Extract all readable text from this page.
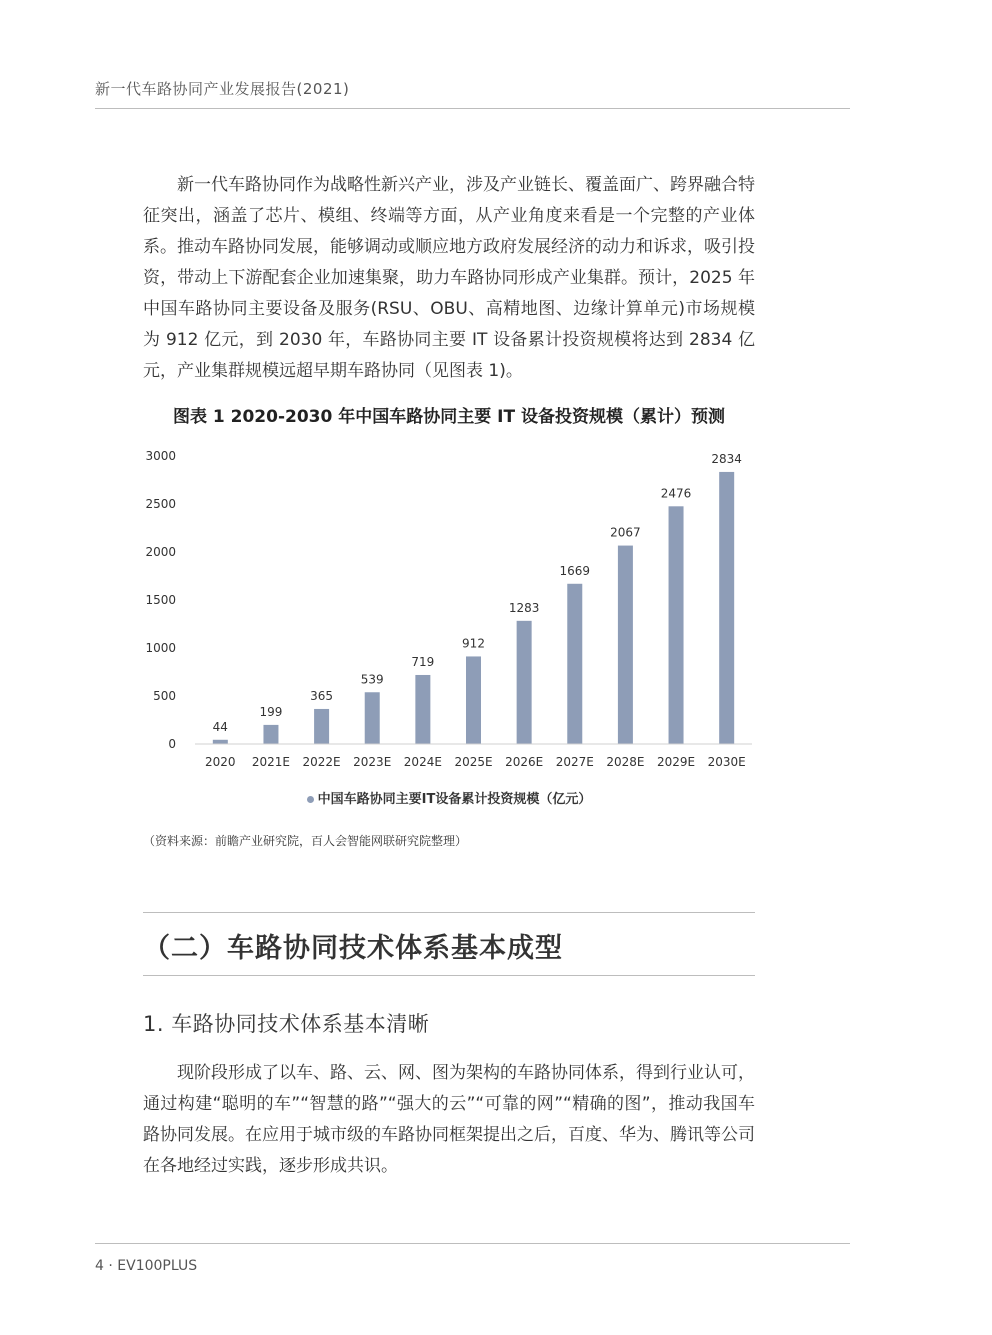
新一代车路协同产业发展报告(2021)

新一代车路协同作为战略性新兴产业，涉及产业链长、覆盖面广、跨界融合特征突出，涵盖了芯片、模组、终端等方面，从产业角度来看是一个完整的产业体系。推动车路协同发展，能够调动或顺应地方政府发展经济的动力和诉求，吸引投资，带动上下游配套企业加速集聚，助力车路协同形成产业集群。预计，2025 年中国车路协同主要设备及服务(RSU、OBU、高精地图、边缘计算单元)市场规模为 912 亿元，到 2030 年，车路协同主要 IT 设备累计投资规模将达到 2834 亿元，产业集群规模远超早期车路协同（见图表 1)。

图表 1 2020-2030 年中国车路协同主要 IT 设备投资规模（累计）预测
0
500
1000
1500
2000
2500
3000
44
199
365
539
719
912
1283
1669
2067
2476
2834
2020 2021E 2022E 2023E 2024E 2025E 2026E 2027E 2028E 2029E 2030E
中国车路协同主要IT设备累计投资规模（亿元）
（资料来源：前瞻产业研究院，百人会智能网联研究院整理）
（二）车路协同技术体系基本成型
1. 车路协同技术体系基本清晰

现阶段形成了以车、路、云、网、图为架构的车路协同体系，得到行业认可，通过构建“聪明的车”“智慧的路”“强大的云”“可靠的网”“精确的图”，推动我国车路协同发展。在应用于城市级的车路协同框架提出之后，百度、华为、腾讯等公司在各地经过实践，逐步形成共识。

4 · EV100PLUS
